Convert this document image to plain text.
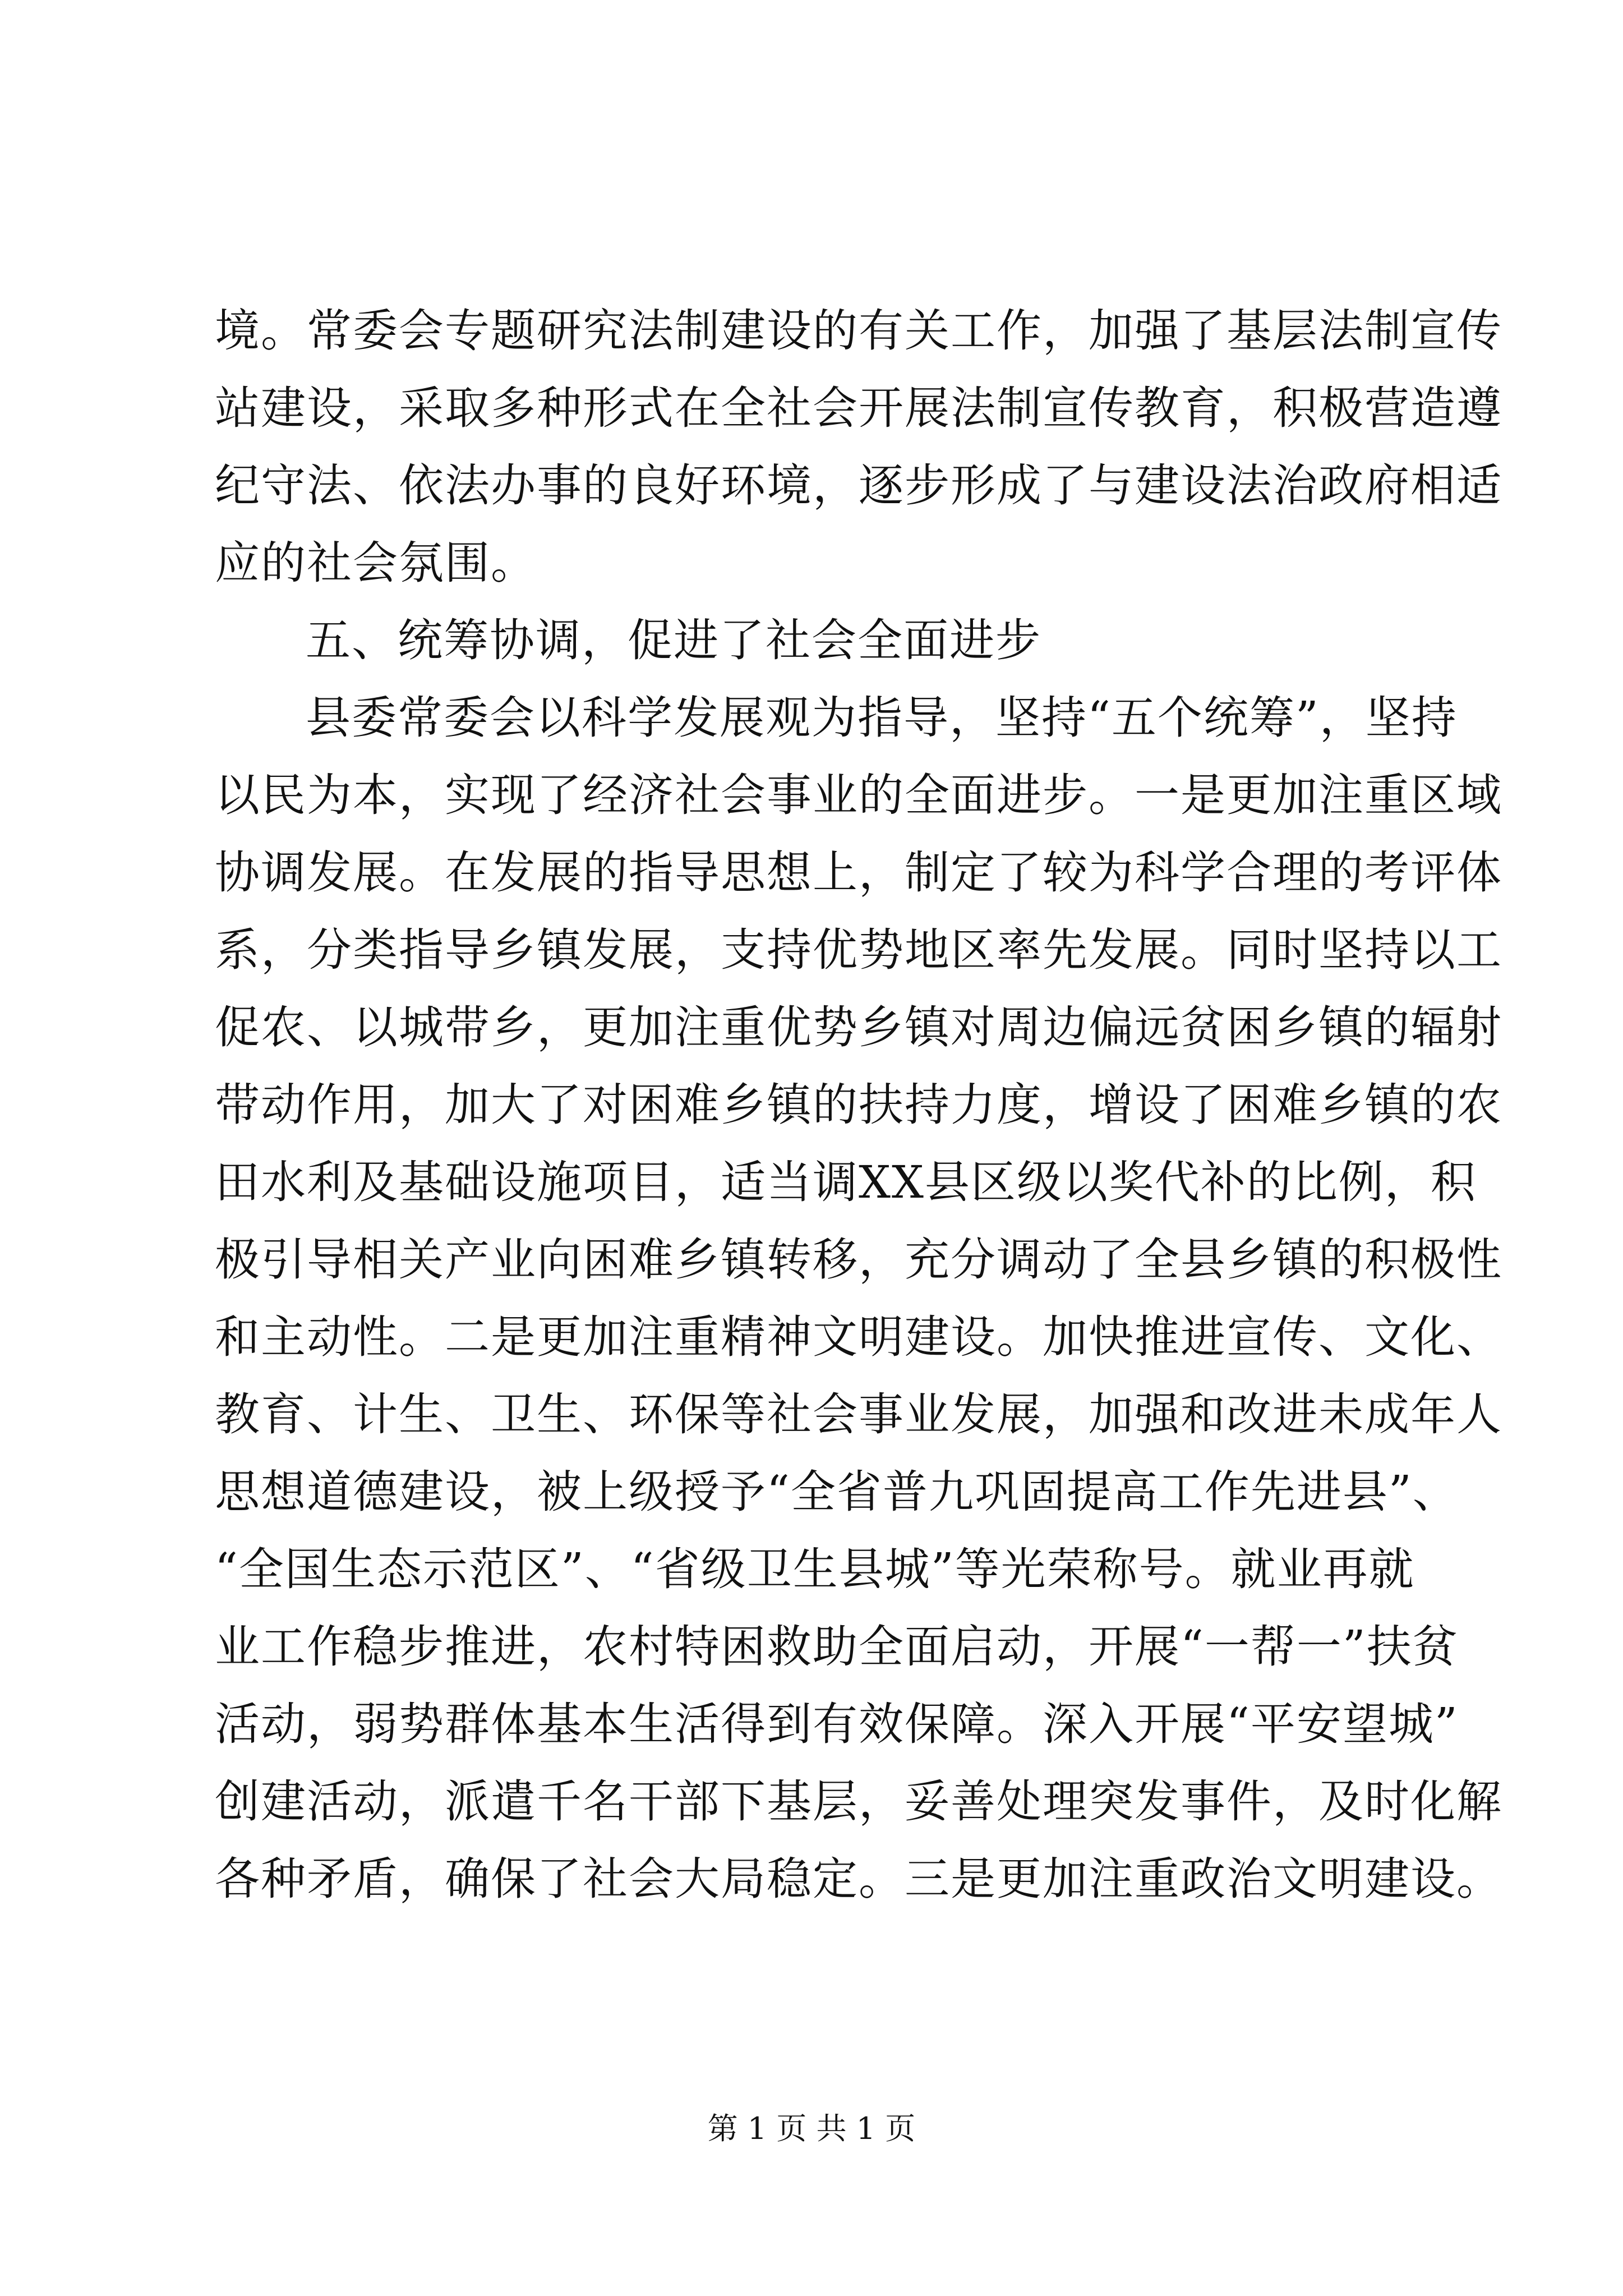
境。常委会专题研究法制建设的有关工作，加强了基层法制宣传
站建设，采取多种形式在全社会开展法制宣传教育，积极营造遵
纪守法、依法办事的良好环境，逐步形成了与建设法治政府相适
应的社会氛围。
五、统筹协调，促进了社会全面进步
县委常委会以科学发展观为指导，坚持“五个统筹”，坚持
以民为本，实现了经济社会事业的全面进步。一是更加注重区域
协调发展。在发展的指导思想上，制定了较为科学合理的考评体
系，分类指导乡镇发展，支持优势地区率先发展。同时坚持以工
促农、以城带乡，更加注重优势乡镇对周边偏远贫困乡镇的辐射
带动作用，加大了对困难乡镇的扶持力度，增设了困难乡镇的农
田水利及基础设施项目，适当调XX县区级以奖代补的比例，积
极引导相关产业向困难乡镇转移，充分调动了全县乡镇的积极性
和主动性。二是更加注重精神文明建设。加快推进宣传、文化、
教育、计生、卫生、环保等社会事业发展，加强和改进未成年人
思想道德建设，被上级授予“全省普九巩固提高工作先进县”、
“全国生态示范区”、“省级卫生县城”等光荣称号。就业再就
业工作稳步推进，农村特困救助全面启动，开展“一帮一”扶贫
活动，弱势群体基本生活得到有效保障。深入开展“平安望城”
创建活动，派遣千名干部下基层，妥善处理突发事件，及时化解
各种矛盾，确保了社会大局稳定。三是更加注重政治文明建设。
第 1 页 共 1 页
